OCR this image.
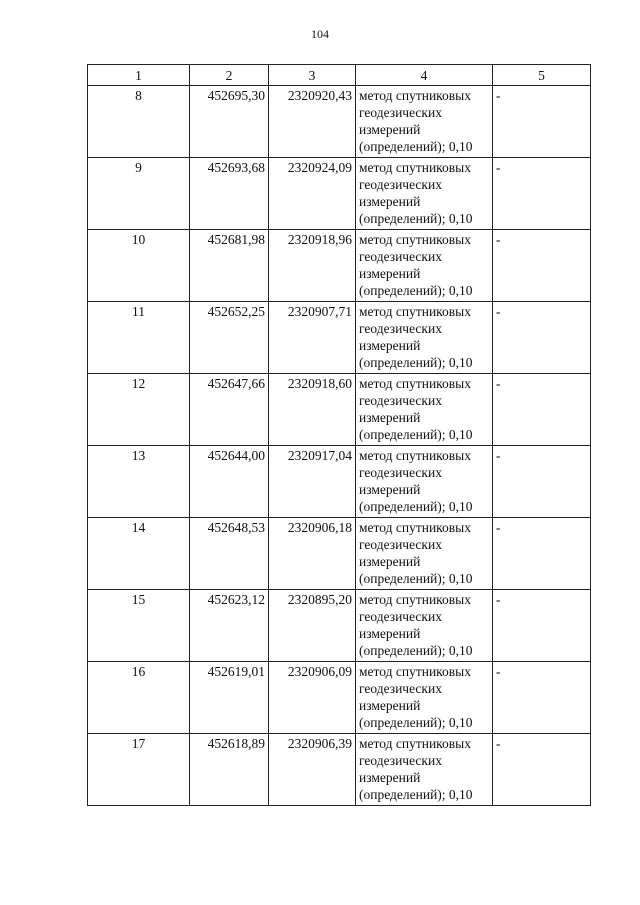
104
1	2	3	4	5
8	452695,30	2320920,43	метод спутниковых
геодезических
измерений
(определений); 0,10	-
9	452693,68	2320924,09	метод спутниковых
геодезических
измерений
(определений); 0,10	-
10	452681,98	2320918,96	метод спутниковых
геодезических
измерений
(определений); 0,10	-
11	452652,25	2320907,71	метод спутниковых
геодезических
измерений
(определений); 0,10	-
12	452647,66	2320918,60	метод спутниковых
геодезических
измерений
(определений); 0,10	-
13	452644,00	2320917,04	метод спутниковых
геодезических
измерений
(определений); 0,10	-
14	452648,53	2320906,18	метод спутниковых
геодезических
измерений
(определений); 0,10	-
15	452623,12	2320895,20	метод спутниковых
геодезических
измерений
(определений); 0,10	-
16	452619,01	2320906,09	метод спутниковых
геодезических
измерений
(определений); 0,10	-
17	452618,89	2320906,39	метод спутниковых
геодезических
измерений
(определений); 0,10	-
